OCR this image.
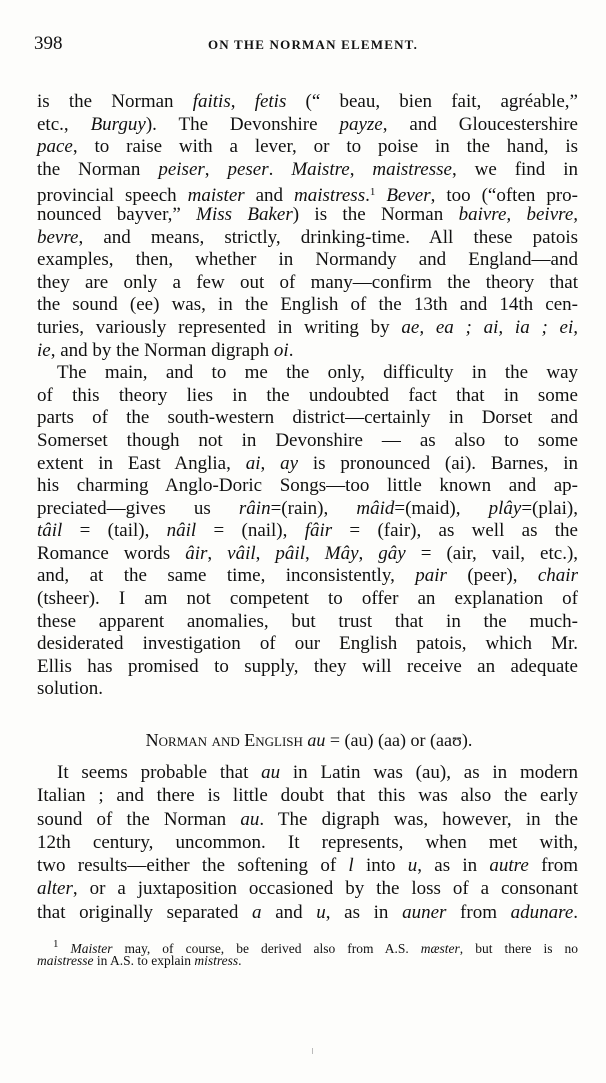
398	ON THE NORMAN ELEMENT.
is the Norman faitis, fetis (“ beau, bien fait, agréable,”
etc., Burguy). The Devonshire payze, and Gloucestershire
pace, to raise with a lever, or to poise in the hand, is
the Norman peiser, peser. Maistre, maistresse, we find in
provincial speech maister and maistress.$^1$ Bever, too (“often pro-
nounced bayver,” Miss Baker) is the Norman baivre, beivre,
bevre, and means, strictly, drinking-time. All these patois
examples, then, whether in Normandy and England—and
they are only a few out of many—confirm the theory that
the sound (ee) was, in the English of the 13th and 14th cen-
turies, variously represented in writing by ae, ea ; ai, ia ; ei,
ie, and by the Norman digraph oi.
The main, and to me the only, difficulty in the way
of this theory lies in the undoubted fact that in some
parts of the south-western district—certainly in Dorset and
Somerset though not in Devonshire — as also to some
extent in East Anglia, ai, ay is pronounced (ai). Barnes, in
his charming Anglo-Doric Songs—too little known and ap-
preciated—gives us râin=(rain), mâid=(maid), plây=(plai),
tâil = (tail), nâil = (nail), fâir = (fair), as well as the
Romance words âir, vâil, pâil, Mây, gây = (air, vail, etc.),
and, at the same time, inconsistently, pair (peer), chair
(tsheer). I am not competent to offer an explanation of
these apparent anomalies, but trust that in the much-
desiderated investigation of our English patois, which Mr.
Ellis has promised to supply, they will receive an adequate
solution.
Norman and English au = (au) (aa) or (aaʊ).
It seems probable that au in Latin was (au), as in modern
Italian ; and there is little doubt that this was also the early
sound of the Norman au. The digraph was, however, in the
12th century, uncommon. It represents, when met with,
two results—either the softening of l into u, as in autre from
alter, or a juxtaposition occasioned by the loss of a consonant
that originally separated a and u, as in auner from adunare.
$^1$ Maister may, of course, be derived also from A.S. mæster, but there is no
maistresse in A.S. to explain mistress.
